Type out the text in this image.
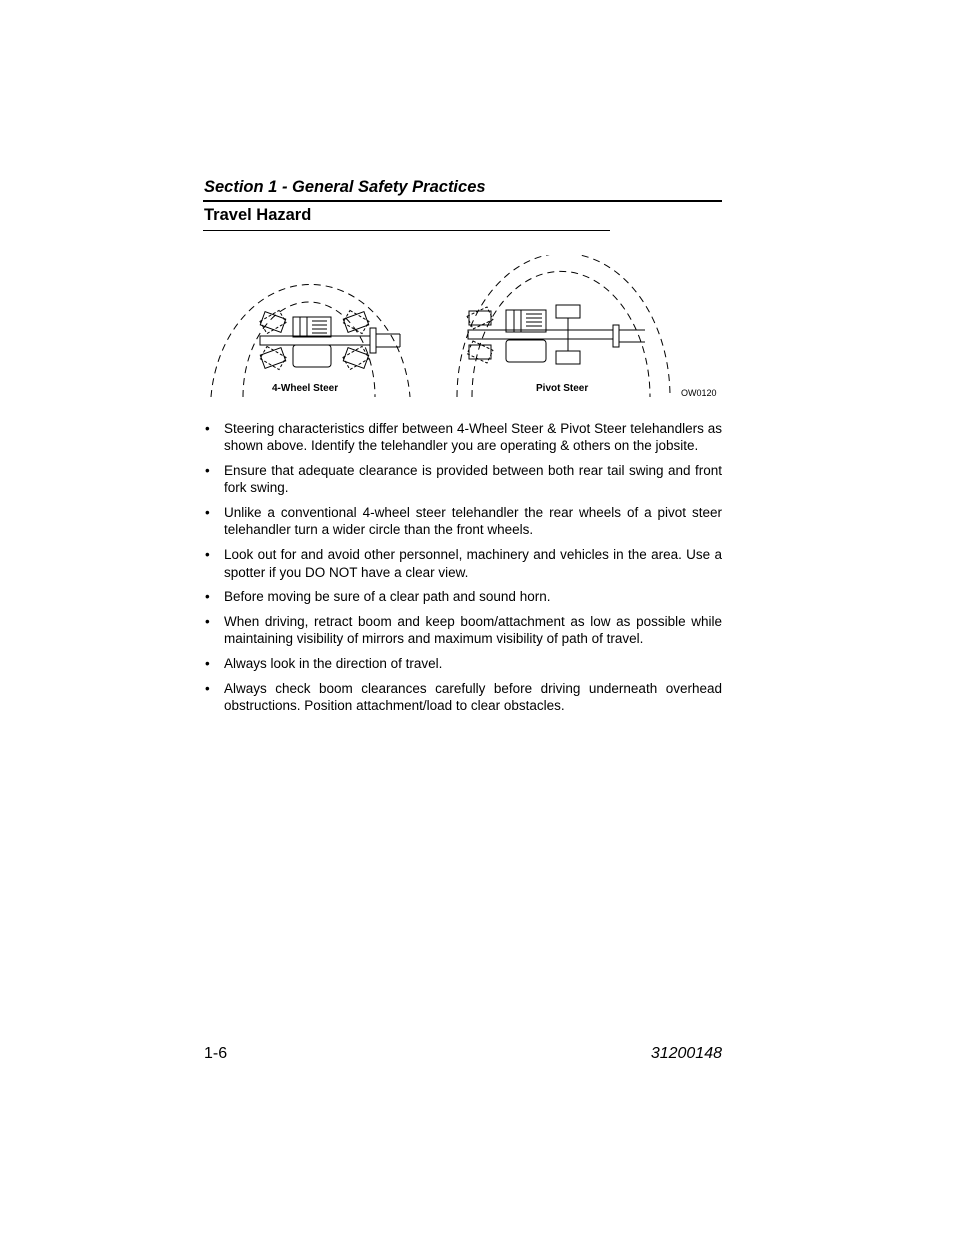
Section 1 - General Safety Practices
Travel Hazard
4-Wheel Steer	Pivot Steer	OW0120
• Steering characteristics differ between 4-Wheel Steer & Pivot Steer telehandlers as shown above. Identify the telehandler you are operating & others on the jobsite.
• Ensure that adequate clearance is provided between both rear tail swing and front fork swing.
• Unlike a conventional 4-wheel steer telehandler the rear wheels of a pivot steer telehandler turn a wider circle than the front wheels.
• Look out for and avoid other personnel, machinery and vehicles in the area. Use a spotter if you DO NOT have a clear view.
• Before moving be sure of a clear path and sound horn.
• When driving, retract boom and keep boom/attachment as low as possible while maintaining visibility of mirrors and maximum visibility of path of travel.
• Always look in the direction of travel.
• Always check boom clearances carefully before driving underneath overhead obstructions. Position attachment/load to clear obstacles.
1-6	31200148
